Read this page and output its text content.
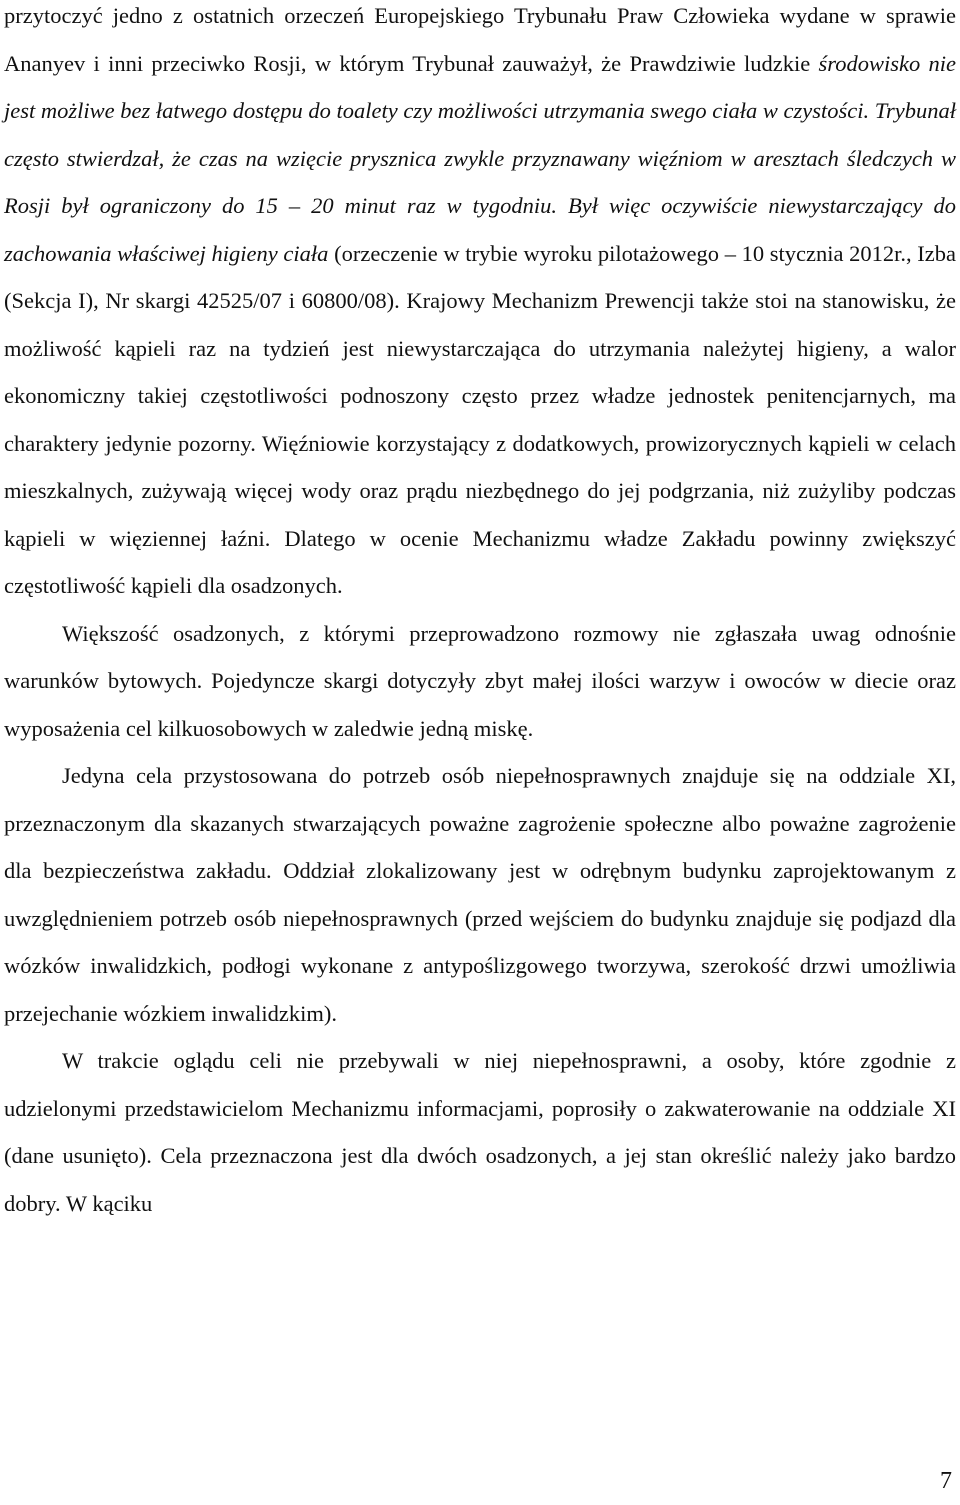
przytoczyć jedno z ostatnich orzeczeń Europejskiego Trybunału Praw Człowieka wydane w sprawie Ananyev i inni przeciwko Rosji, w którym Trybunał zauważył, że Prawdziwie ludzkie środowisko nie jest możliwe bez łatwego dostępu do toalety czy możliwości utrzymania swego ciała w czystości. Trybunał często stwierdzał, że czas na wzięcie prysznica zwykle przyznawany więźniom w aresztach śledczych w Rosji był ograniczony do 15 – 20 minut raz w tygodniu. Był więc oczywiście niewystarczający do zachowania właściwej higieny ciała (orzeczenie w trybie wyroku pilotażowego – 10 stycznia 2012r., Izba (Sekcja I), Nr skargi 42525/07 i 60800/08). Krajowy Mechanizm Prewencji także stoi na stanowisku, że możliwość kąpieli raz na tydzień jest niewystarczająca do utrzymania należytej higieny, a walor ekonomiczny takiej częstotliwości podnoszony często przez władze jednostek penitencjarnych, ma charaktery jedynie pozorny. Więźniowie korzystający z dodatkowych, prowizorycznych kąpieli w celach mieszkalnych, zużywają więcej wody oraz prądu niezbędnego do jej podgrzania, niż zużyliby podczas kąpieli w więziennej łaźni. Dlatego w ocenie Mechanizmu władze Zakładu powinny zwiększyć częstotliwość kąpieli dla osadzonych.

Większość osadzonych, z którymi przeprowadzono rozmowy nie zgłaszała uwag odnośnie warunków bytowych. Pojedyncze skargi dotyczyły zbyt małej ilości warzyw i owoców w diecie oraz wyposażenia cel kilkuosobowych w zaledwie jedną miskę.

Jedyna cela przystosowana do potrzeb osób niepełnosprawnych znajduje się na oddziale XI, przeznaczonym dla skazanych stwarzających poważne zagrożenie społeczne albo poważne zagrożenie dla bezpieczeństwa zakładu. Oddział zlokalizowany jest w odrębnym budynku zaprojektowanym z uwzględnieniem potrzeb osób niepełnosprawnych (przed wejściem do budynku znajduje się podjazd dla wózków inwalidzkich, podłogi wykonane z antypoślizgowego tworzywa, szerokość drzwi umożliwia przejechanie wózkiem inwalidzkim).

W trakcie oglądu celi nie przebywali w niej niepełnosprawni, a osoby, które zgodnie z udzielonymi przedstawicielom Mechanizmu informacjami, poprosiły o zakwaterowanie na oddziale XI (dane usunięto). Cela przeznaczona jest dla dwóch osadzonych, a jej stan określić należy jako bardzo dobry. W kąciku

7
